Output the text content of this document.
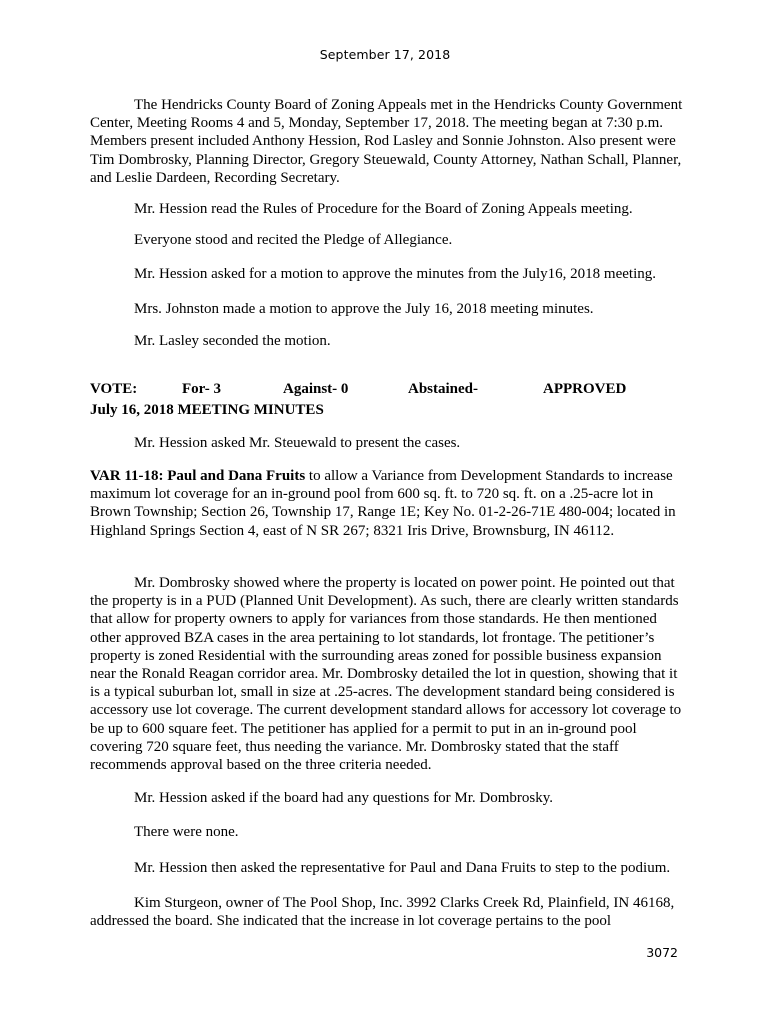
September 17, 2018

The Hendricks County Board of Zoning Appeals met in the Hendricks County Government Center, Meeting Rooms 4 and 5, Monday, September 17, 2018. The meeting began at 7:30 p.m. Members present included Anthony Hession, Rod Lasley and Sonnie Johnston. Also present were Tim Dombrosky, Planning Director, Gregory Steuewald, County Attorney, Nathan Schall, Planner, and Leslie Dardeen, Recording Secretary.

Mr. Hession read the Rules of Procedure for the Board of Zoning Appeals meeting.

Everyone stood and recited the Pledge of Allegiance.

Mr. Hession asked for a motion to approve the minutes from the July16, 2018 meeting.

Mrs. Johnston made a motion to approve the July 16, 2018 meeting minutes.

Mr. Lasley seconded the motion.

VOTE:	For- 3	Against- 0	Abstained-	APPROVED
July 16, 2018 MEETING MINUTES

Mr. Hession asked Mr. Steuewald to present the cases.

VAR 11-18: Paul and Dana Fruits to allow a Variance from Development Standards to increase maximum lot coverage for an in-ground pool from 600 sq. ft. to 720 sq. ft. on a .25-acre lot in Brown Township; Section 26, Township 17, Range 1E; Key No. 01-2-26-71E 480-004; located in Highland Springs Section 4, east of N SR 267; 8321 Iris Drive, Brownsburg, IN 46112.

Mr. Dombrosky showed where the property is located on power point. He pointed out that the property is in a PUD (Planned Unit Development). As such, there are clearly written standards that allow for property owners to apply for variances from those standards. He then mentioned other approved BZA cases in the area pertaining to lot standards, lot frontage. The petitioner’s property is zoned Residential with the surrounding areas zoned for possible business expansion near the Ronald Reagan corridor area. Mr. Dombrosky detailed the lot in question, showing that it is a typical suburban lot, small in size at .25-acres. The development standard being considered is accessory use lot coverage. The current development standard allows for accessory lot coverage to be up to 600 square feet. The petitioner has applied for a permit to put in an in-ground pool covering 720 square feet, thus needing the variance. Mr. Dombrosky stated that the staff recommends approval based on the three criteria needed.

Mr. Hession asked if the board had any questions for Mr. Dombrosky.

There were none.

Mr. Hession then asked the representative for Paul and Dana Fruits to step to the podium.

Kim Sturgeon, owner of The Pool Shop, Inc. 3992 Clarks Creek Rd, Plainfield, IN 46168, addressed the board. She indicated that the increase in lot coverage pertains to the pool

3072
